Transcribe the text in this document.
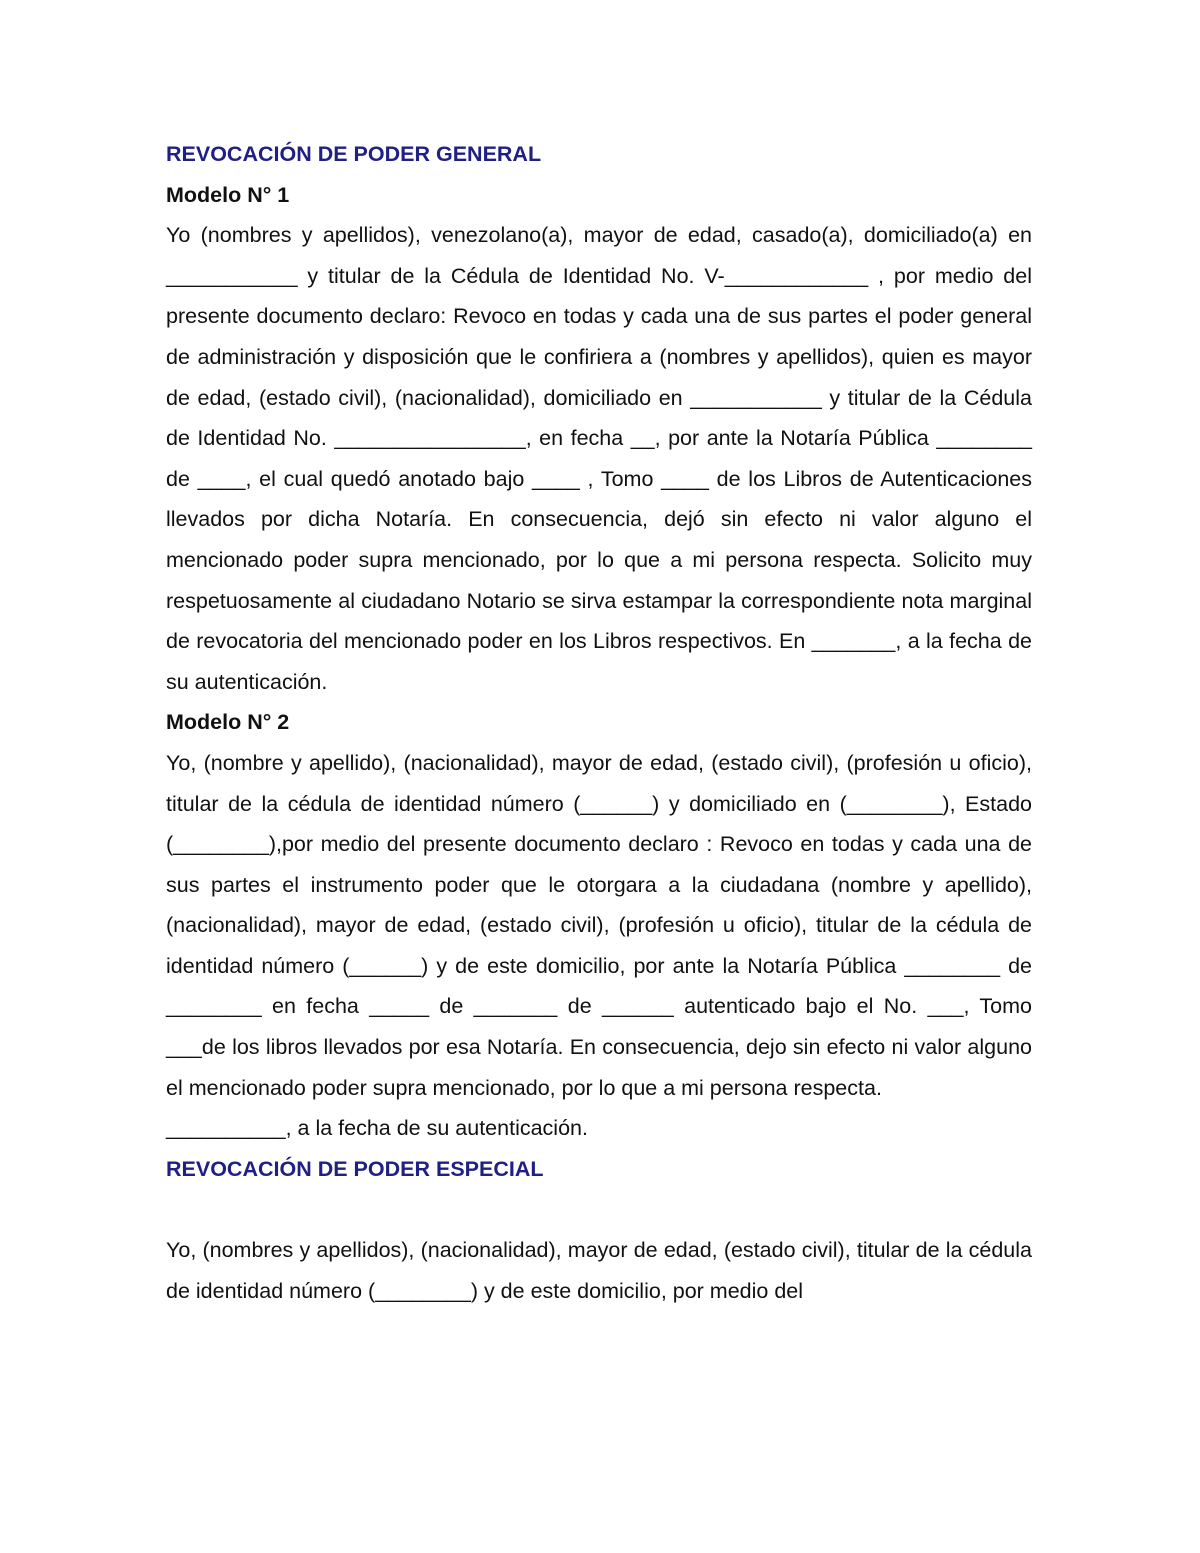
REVOCACIÓN DE PODER GENERAL

Modelo N° 1

Yo (nombres y apellidos), venezolano(a), mayor de edad, casado(a), domiciliado(a) en ___________ y titular de la Cédula de Identidad No. V-____________ , por medio del presente documento declaro: Revoco en todas y cada una de sus partes el poder general de administración y disposición que le confiriera a (nombres y apellidos), quien es mayor de edad, (estado civil), (nacionalidad), domiciliado en ___________ y titular de la Cédula de Identidad No. ________________, en fecha __, por ante la Notaría Pública ________ de ____, el cual quedó anotado bajo ____ , Tomo ____ de los Libros de Autenticaciones llevados por dicha Notaría. En consecuencia, dejó sin efecto ni valor alguno el mencionado poder supra mencionado, por lo que a mi persona respecta. Solicito muy respetuosamente al ciudadano Notario se sirva estampar la correspondiente nota marginal de revocatoria del mencionado poder en los Libros respectivos. En _______, a la fecha de su autenticación.

Modelo N° 2

Yo, (nombre y apellido), (nacionalidad), mayor de edad, (estado civil), (profesión u oficio), titular de la cédula de identidad número (______) y domiciliado en (________), Estado (________),por medio del presente documento declaro : Revoco en todas y cada una de sus partes el instrumento poder que le otorgara a la ciudadana (nombre y apellido), (nacionalidad), mayor de edad, (estado civil), (profesión u oficio), titular de la cédula de identidad número (______) y de este domicilio, por ante la Notaría Pública ________ de ________ en fecha _____ de _______ de ______ autenticado bajo el No. ___, Tomo ___de los libros llevados por esa Notaría. En consecuencia, dejo sin efecto ni valor alguno el mencionado poder supra mencionado, por lo que a mi persona respecta.

__________, a la fecha de su autenticación.

REVOCACIÓN DE PODER ESPECIAL

Yo, (nombres y apellidos), (nacionalidad), mayor de edad, (estado civil), titular de la cédula de identidad número (________) y de este domicilio, por medio del
